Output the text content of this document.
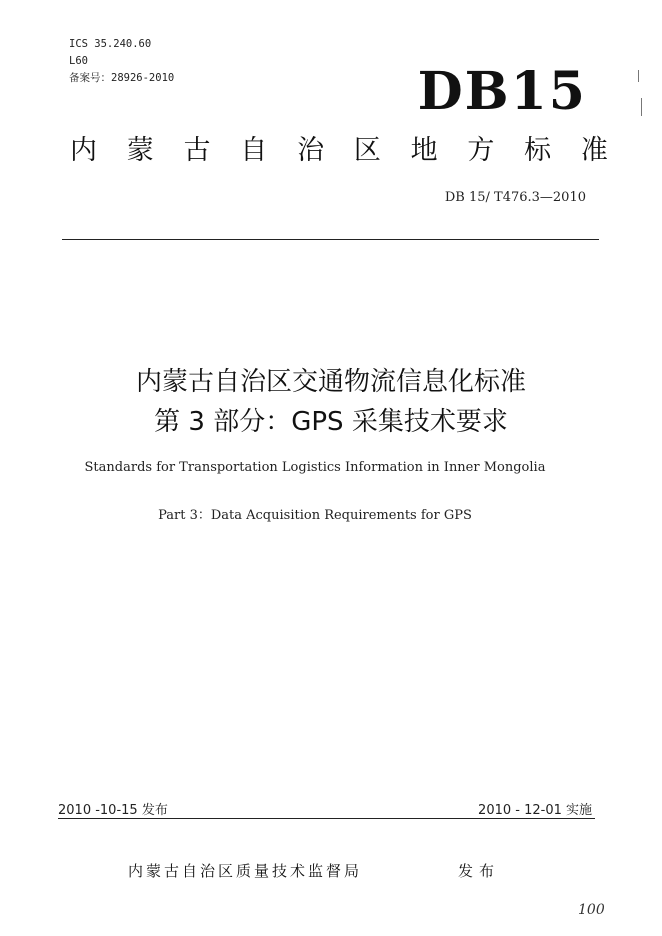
ICS 35.240.60
L60
备案号：28926-2010	DB15
内 蒙 古 自 治 区 地 方 标 准
DB 15/ T476.3—2010
内蒙古自治区交通物流信息化标准
第 3 部分：GPS 采集技术要求
Standards for Transportation Logistics Information in Inner Mongolia
Part 3：Data Acquisition Requirements for GPS
2010 -10-15 发布	2010 - 12-01 实施
内蒙古自治区质量技术监督局	发布
100
